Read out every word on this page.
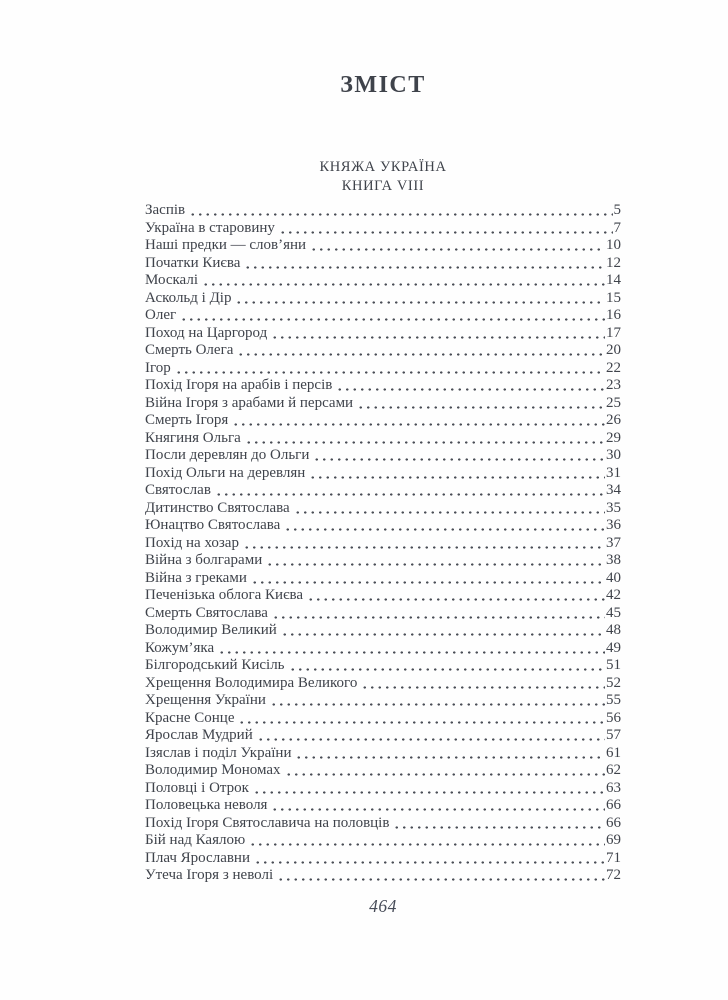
ЗМІСТ
КНЯЖА УКРАЇНА
КНИГА VIII
Заспів	5
Україна в старовину	7
Наші предки — слов’яни	10
Початки Києва	12
Москалі	14
Аскольд і Дір	15
Олег	16
Поход на Царгород	17
Смерть Олега	20
Ігор	22
Похід Ігоря на арабів і персів	23
Війна Ігоря з арабами й персами	25
Смерть Ігоря	26
Княгиня Ольга	29
Посли деревлян до Ольги	30
Похід Ольги на деревлян	31
Святослав	34
Дитинство Святослава	35
Юнацтво Святослава	36
Похід на хозар	37
Війна з болгарами	38
Війна з греками	40
Печенізька облога Києва	42
Смерть Святослава	45
Володимир Великий	48
Кожум’яка	49
Білгородський Кисіль	51
Хрещення Володимира Великого	52
Хрещення України	55
Красне Сонце	56
Ярослав Мудрий	57
Ізяслав і поділ України	61
Володимир Мономах	62
Половці і Отрок	63
Половецька неволя	66
Похід Ігоря Святославича на половців	66
Бій над Каялою	69
Плач Ярославни	71
Утеча Ігоря з неволі	72
464
